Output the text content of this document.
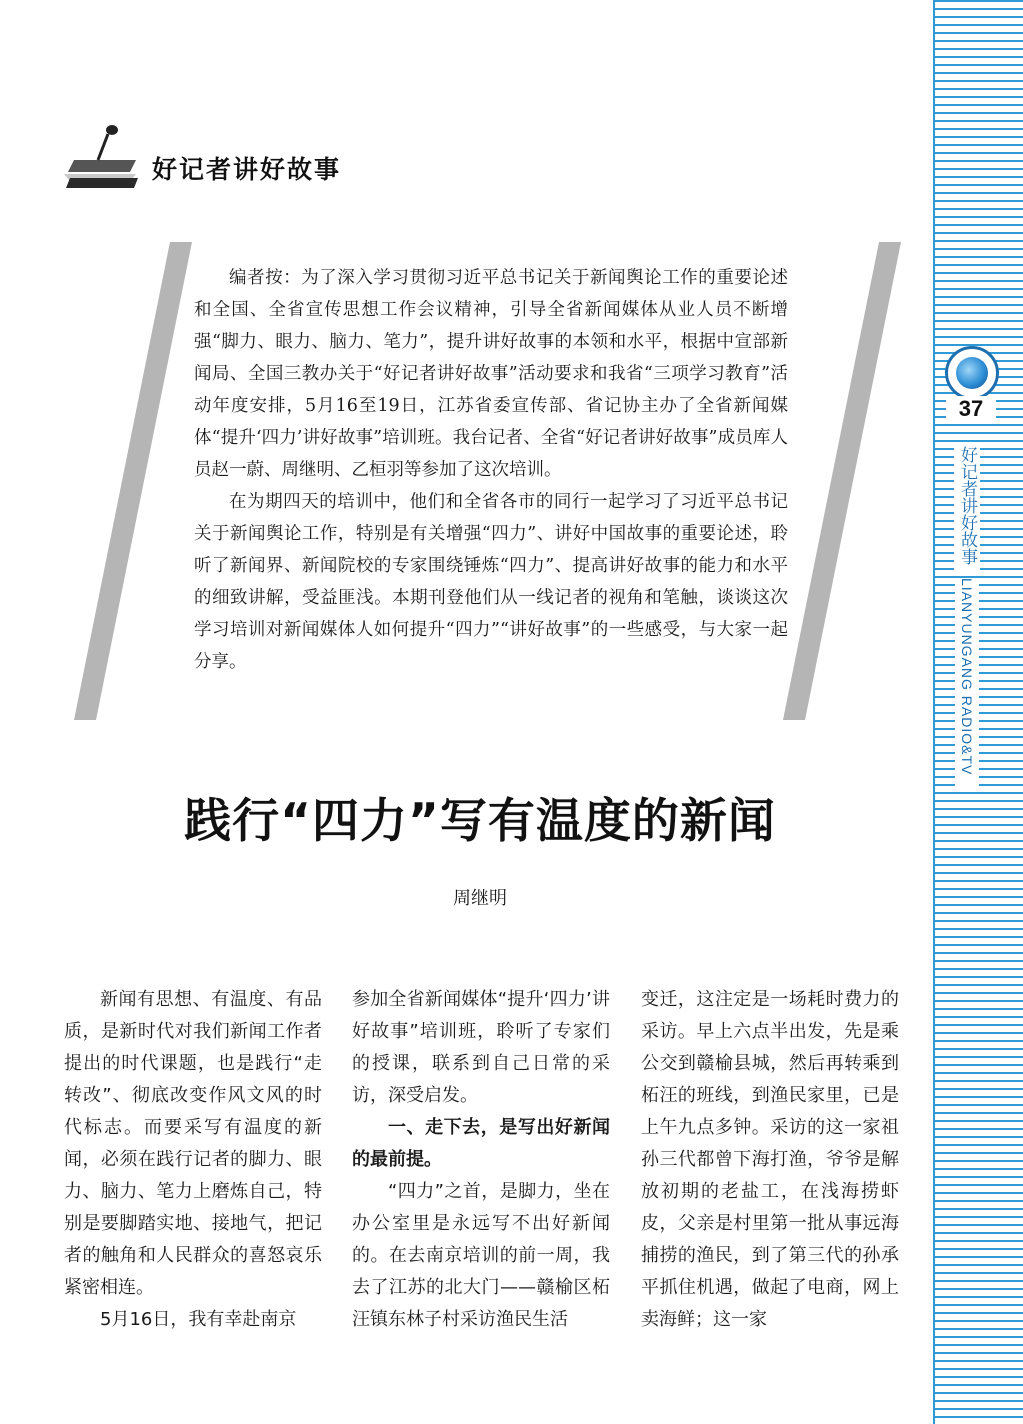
37
好记者讲好故事
LIANYUNGANG RADIO&TV
好记者讲好故事

编者按：为了深入学习贯彻习近平总书记关于新闻舆论工作的重要论述和全国、全省宣传思想工作会议精神，引导全省新闻媒体从业人员不断增强“脚力、眼力、脑力、笔力”，提升讲好故事的本领和水平，根据中宣部新闻局、全国三教办关于“好记者讲好故事”活动要求和我省“三项学习教育”活动年度安排，5月16至19日，江苏省委宣传部、省记协主办了全省新闻媒体“提升‘四力’讲好故事”培训班。我台记者、全省“好记者讲好故事”成员库人员赵一蔚、周继明、乙桓羽等参加了这次培训。

在为期四天的培训中，他们和全省各市的同行一起学习了习近平总书记关于新闻舆论工作，特别是有关增强“四力”、讲好中国故事的重要论述，聆听了新闻界、新闻院校的专家围绕锤炼“四力”、提高讲好故事的能力和水平的细致讲解，受益匪浅。本期刊登他们从一线记者的视角和笔触，谈谈这次学习培训对新闻媒体人如何提升“四力”“讲好故事”的一些感受，与大家一起分享。

践行“四力”写有温度的新闻
周继明

新闻有思想、有温度、有品质，是新时代对我们新闻工作者提出的时代课题，也是践行“走转改”、彻底改变作风文风的时代标志。而要采写有温度的新闻，必须在践行记者的脚力、眼力、脑力、笔力上磨炼自己，特别是要脚踏实地、接地气，把记者的触角和人民群众的喜怒哀乐紧密相连。

5月16日，我有幸赴南京

参加全省新闻媒体“提升‘四力’讲好故事”培训班，聆听了专家们的授课，联系到自己日常的采访，深受启发。

一、走下去，是写出好新闻的最前提。

“四力”之首，是脚力，坐在办公室里是永远写不出好新闻的。在去南京培训的前一周，我去了江苏的北大门——赣榆区柘汪镇东林子村采访渔民生活

变迁，这注定是一场耗时费力的采访。早上六点半出发，先是乘公交到赣榆县城，然后再转乘到柘汪的班线，到渔民家里，已是上午九点多钟。采访的这一家祖孙三代都曾下海打渔，爷爷是解放初期的老盐工，在浅海捞虾皮，父亲是村里第一批从事远海捕捞的渔民，到了第三代的孙承平抓住机遇，做起了电商，网上卖海鲜；这一家
